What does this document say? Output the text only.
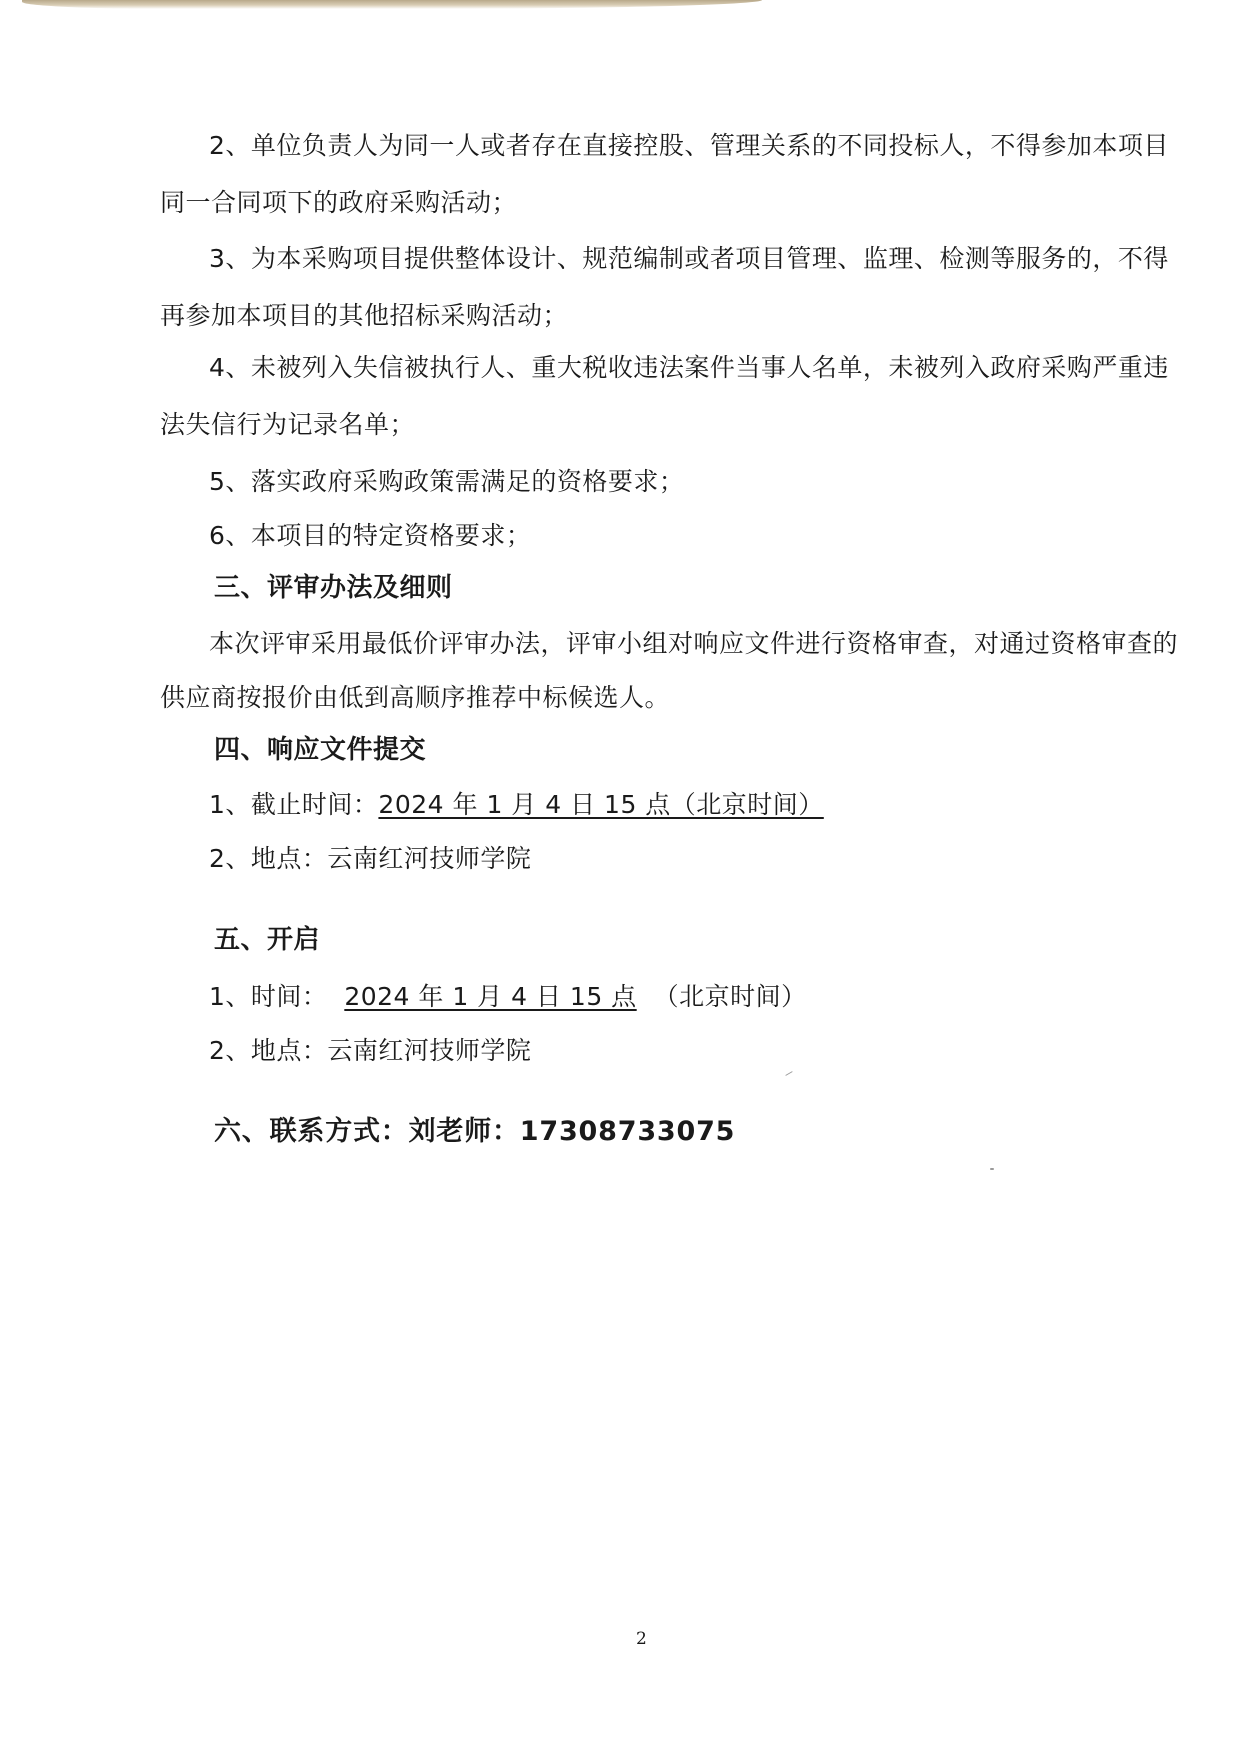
2、单位负责人为同一人或者存在直接控股、管理关系的不同投标人，不得参加本项目
同一合同项下的政府采购活动；
3、为本采购项目提供整体设计、规范编制或者项目管理、监理、检测等服务的，不得
再参加本项目的其他招标采购活动；
4、未被列入失信被执行人、重大税收违法案件当事人名单，未被列入政府采购严重违
法失信行为记录名单；
5、落实政府采购政策需满足的资格要求；
6、本项目的特定资格要求；
三、评审办法及细则
本次评审采用最低价评审办法，评审小组对响应文件进行资格审查，对通过资格审查的
供应商按报价由低到高顺序推荐中标候选人。
四、响应文件提交
1、截止时间：2024 年 1 月 4 日 15 点（北京时间）
2、地点：云南红河技师学院
五、开启
1、时间： 2024 年 1 月 4 日 15 点 （北京时间）
2、地点：云南红河技师学院
六、联系方式：刘老师：17308733075
2
